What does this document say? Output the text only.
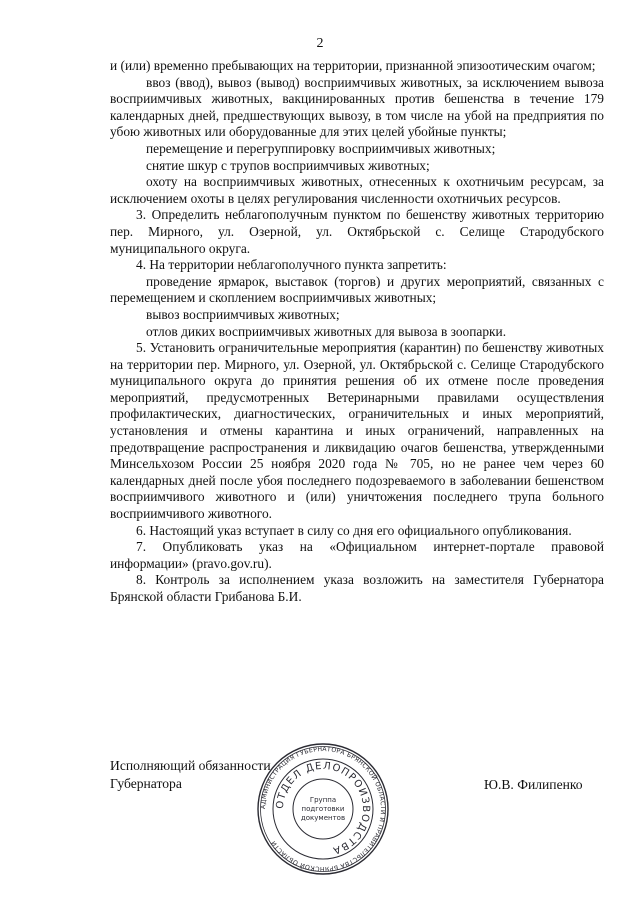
2

и (или) временно пребывающих на территории, признанной эпизоотическим очагом;

ввоз (ввод), вывоз (вывод) восприимчивых животных, за исключением вывоза восприимчивых животных, вакцинированных против бешенства в течение 179 календарных дней, предшествующих вывозу, в том числе на убой на предприятия по убою животных или оборудованные для этих целей убойные пункты;

перемещение и перегруппировку восприимчивых животных;

снятие шкур с трупов восприимчивых животных;

охоту на восприимчивых животных, отнесенных к охотничьим ресурсам, за исключением охоты в целях регулирования численности охотничьих ресурсов.

3. Определить неблагополучным пунктом по бешенству животных территорию пер. Мирного, ул. Озерной, ул. Октябрьской с. Селище Стародубского муниципального округа.

4. На территории неблагополучного пункта запретить:

проведение ярмарок, выставок (торгов) и других мероприятий, связанных с перемещением и скоплением восприимчивых животных;

вывоз восприимчивых животных;

отлов диких восприимчивых животных для вывоза в зоопарки.

5. Установить ограничительные мероприятия (карантин) по бешенству животных на территории пер. Мирного, ул. Озерной, ул. Октябрьской с. Селище Стародубского муниципального округа до принятия решения об их отмене после проведения мероприятий, предусмотренных Ветеринарными правилами осуществления профилактических, диагностических, ограничительных и иных мероприятий, установления и отмены карантина и иных ограничений, направленных на предотвращение распространения и ликвидацию очагов бешенства, утвержденными Минсельхозом России 25 ноября 2020 года № 705, но не ранее чем через 60 календарных дней после убоя последнего подозреваемого в заболевании бешенством восприимчивого животного и (или) уничтожения последнего трупа больного восприимчивого животного.

6. Настоящий указ вступает в силу со дня его официального опубликования.

7. Опубликовать указ на «Официальном интернет-портале правовой информации» (pravo.gov.ru).

8. Контроль за исполнением указа возложить на заместителя Губернатора Брянской области Грибанова Б.И.

Исполняющий обязанности
Губернатора	Ю.В. Филипенко
АДМИНИСТРАЦИЯ ГУБЕРНАТОРА БРЯНСКОЙ ОБЛАСТИ И ПРАВИТЕЛЬСТВА БРЯНСКОЙ ОБЛАСТИ
ОТДЕЛ ДЕЛОПРОИЗВОДСТВА
Группа
подготовки
документов
